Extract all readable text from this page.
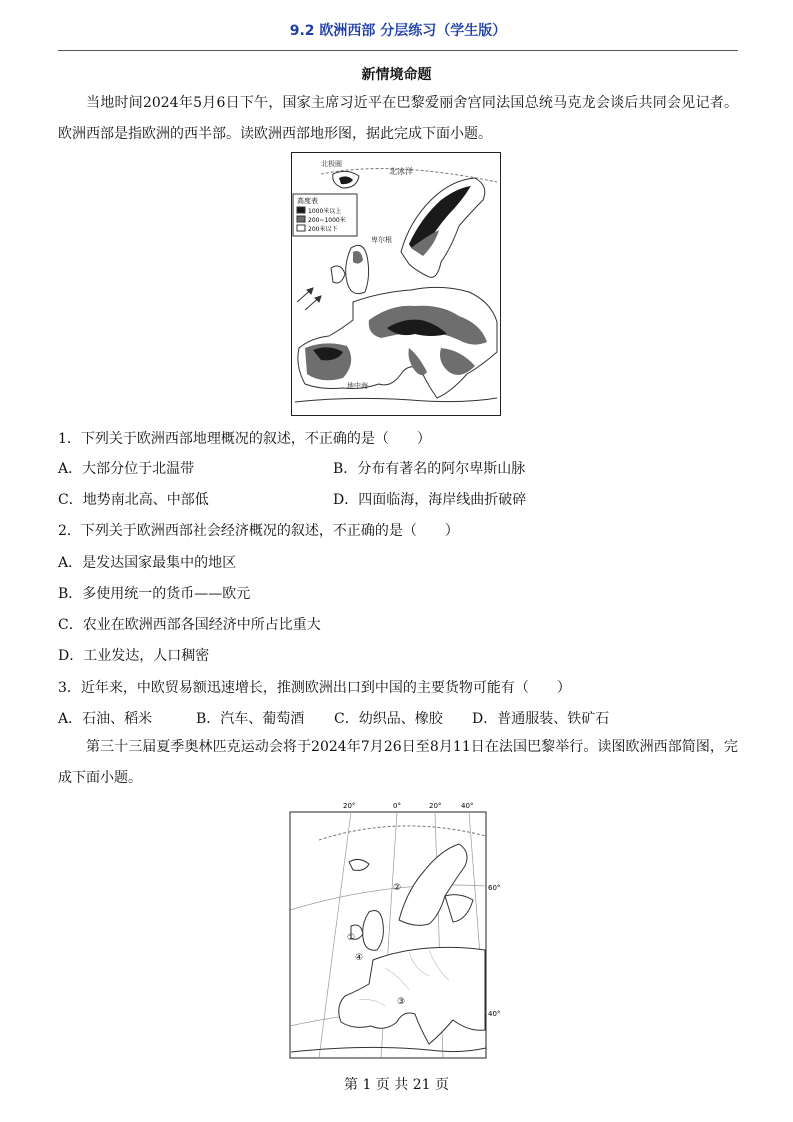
9.2 欧洲西部 分层练习（学生版）
新情境命题

当地时间2024年5月6日下午，国家主席习近平在巴黎爱丽舍宫同法国总统马克龙会谈后共同会见记者。欧洲西部是指欧洲的西半部。读欧洲西部地形图，据此完成下面小题。

北极圈
北冰洋
卑尔根
高度表
1000米以上
200~1000米
200米以下
地中海
1．下列关于欧洲西部地理概况的叙述，不正确的是（　　）
A．大部分位于北温带	B．分布有著名的阿尔卑斯山脉
C．地势南北高、中部低	D．四面临海，海岸线曲折破碎
2．下列关于欧洲西部社会经济概况的叙述，不正确的是（　　）
A．是发达国家最集中的地区
B．多使用统一的货币——欧元
C．农业在欧洲西部各国经济中所占比重大
D．工业发达，人口稠密
3．近年来，中欧贸易额迅速增长，推测欧洲出口到中国的主要货物可能有（　　）
A．石油、稻米	B．汽车、葡萄酒 C．幼织品、橡胶 D．普通服装、铁矿石

第三十三届夏季奥林匹克运动会将于2024年7月26日至8月11日在法国巴黎举行。读图欧洲西部简图，完成下面小题。

20°	0°	20°	40°
60°
40°
②
①
④
③
第 1 页 共 21 页
